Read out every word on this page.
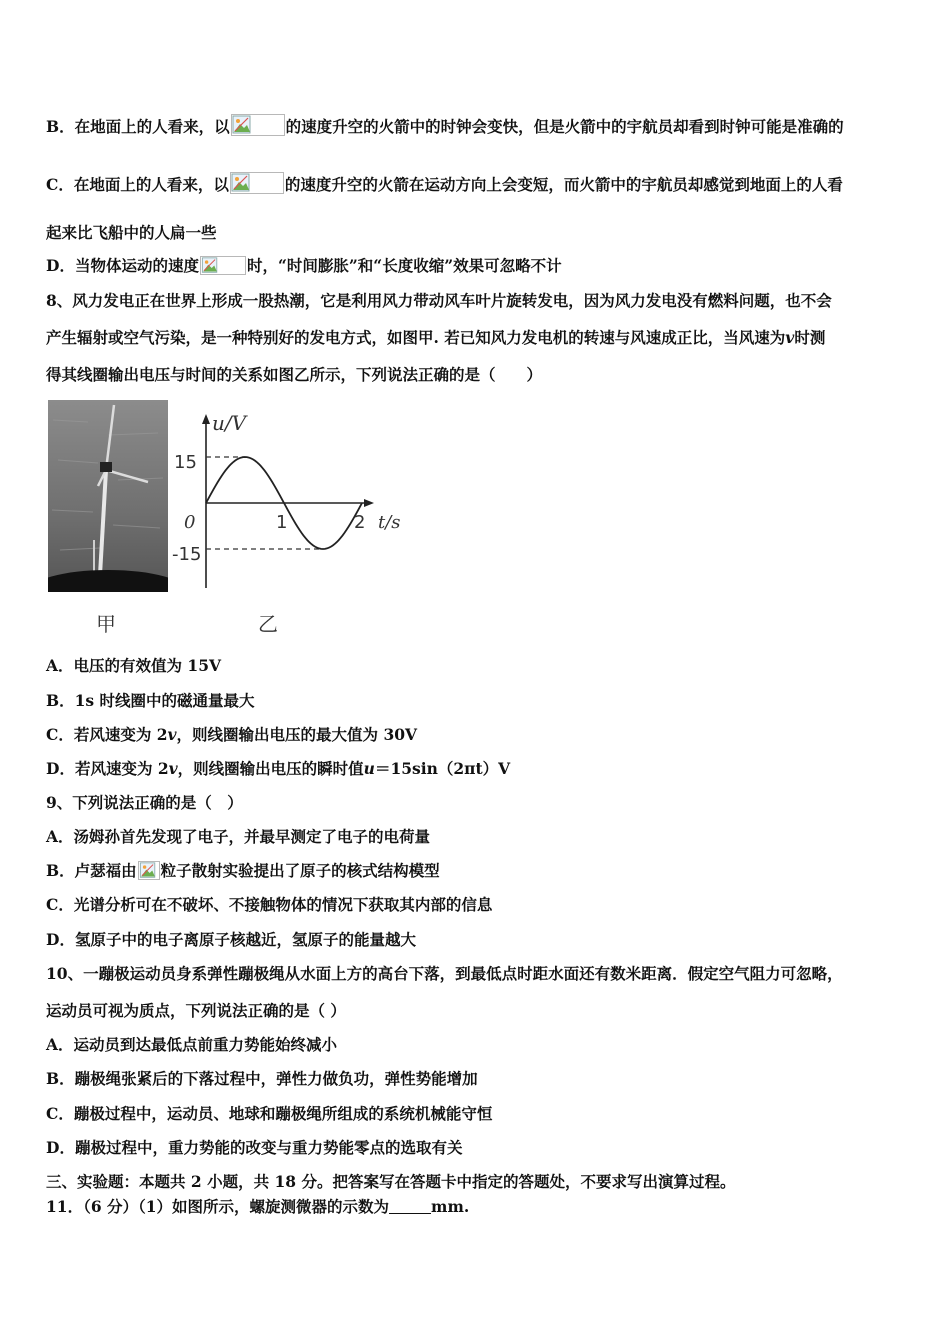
B．在地面上的人看来，以	的速度升空的火箭中的时钟会变快，但是火箭中的宇航员却看到时钟可能是准确的
C．在地面上的人看来，以	的速度升空的火箭在运动方向上会变短，而火箭中的宇航员却感觉到地面上的人看
起来比飞船中的人扁一些
D．当物体运动的速度	时，“时间膨胀”和“长度收缩”效果可忽略不计
8、风力发电正在世界上形成一股热潮，它是利用风力带动风车叶片旋转发电，因为风力发电没有燃料问题，也不会
产生辐射或空气污染，是一种特别好的发电方式，如图甲. 若已知风力发电机的转速与风速成正比，当风速为v时测
得其线圈输出电压与时间的关系如图乙所示，下列说法正确的是（　　）
甲	乙
u/V
t/s
15
-15
0	1	2
A．电压的有效值为 15V
B．1s 时线圈中的磁通量最大
C．若风速变为 2v，则线圈输出电压的最大值为 30V
D．若风速变为 2v，则线圈输出电压的瞬时值u＝15sin（2πt）V
9、下列说法正确的是（　）
A．汤姆孙首先发现了电子，并最早测定了电子的电荷量
B．卢瑟福由 粒子散射实验提出了原子的核式结构模型
C．光谱分析可在不破坏、不接触物体的情况下获取其内部的信息
D．氢原子中的电子离原子核越近，氢原子的能量越大
10、一蹦极运动员身系弹性蹦极绳从水面上方的高台下落，到最低点时距水面还有数米距离．假定空气阻力可忽略，
运动员可视为质点，下列说法正确的是（ ）
A．运动员到达最低点前重力势能始终减小
B．蹦极绳张紧后的下落过程中，弹性力做负功，弹性势能增加
C．蹦极过程中，运动员、地球和蹦极绳所组成的系统机械能守恒
D．蹦极过程中，重力势能的改变与重力势能零点的选取有关
三、实验题：本题共 2 小题，共 18 分。把答案写在答题卡中指定的答题处，不要求写出演算过程。
11．（6 分）（1）如图所示，螺旋测微器的示数为	mm.
